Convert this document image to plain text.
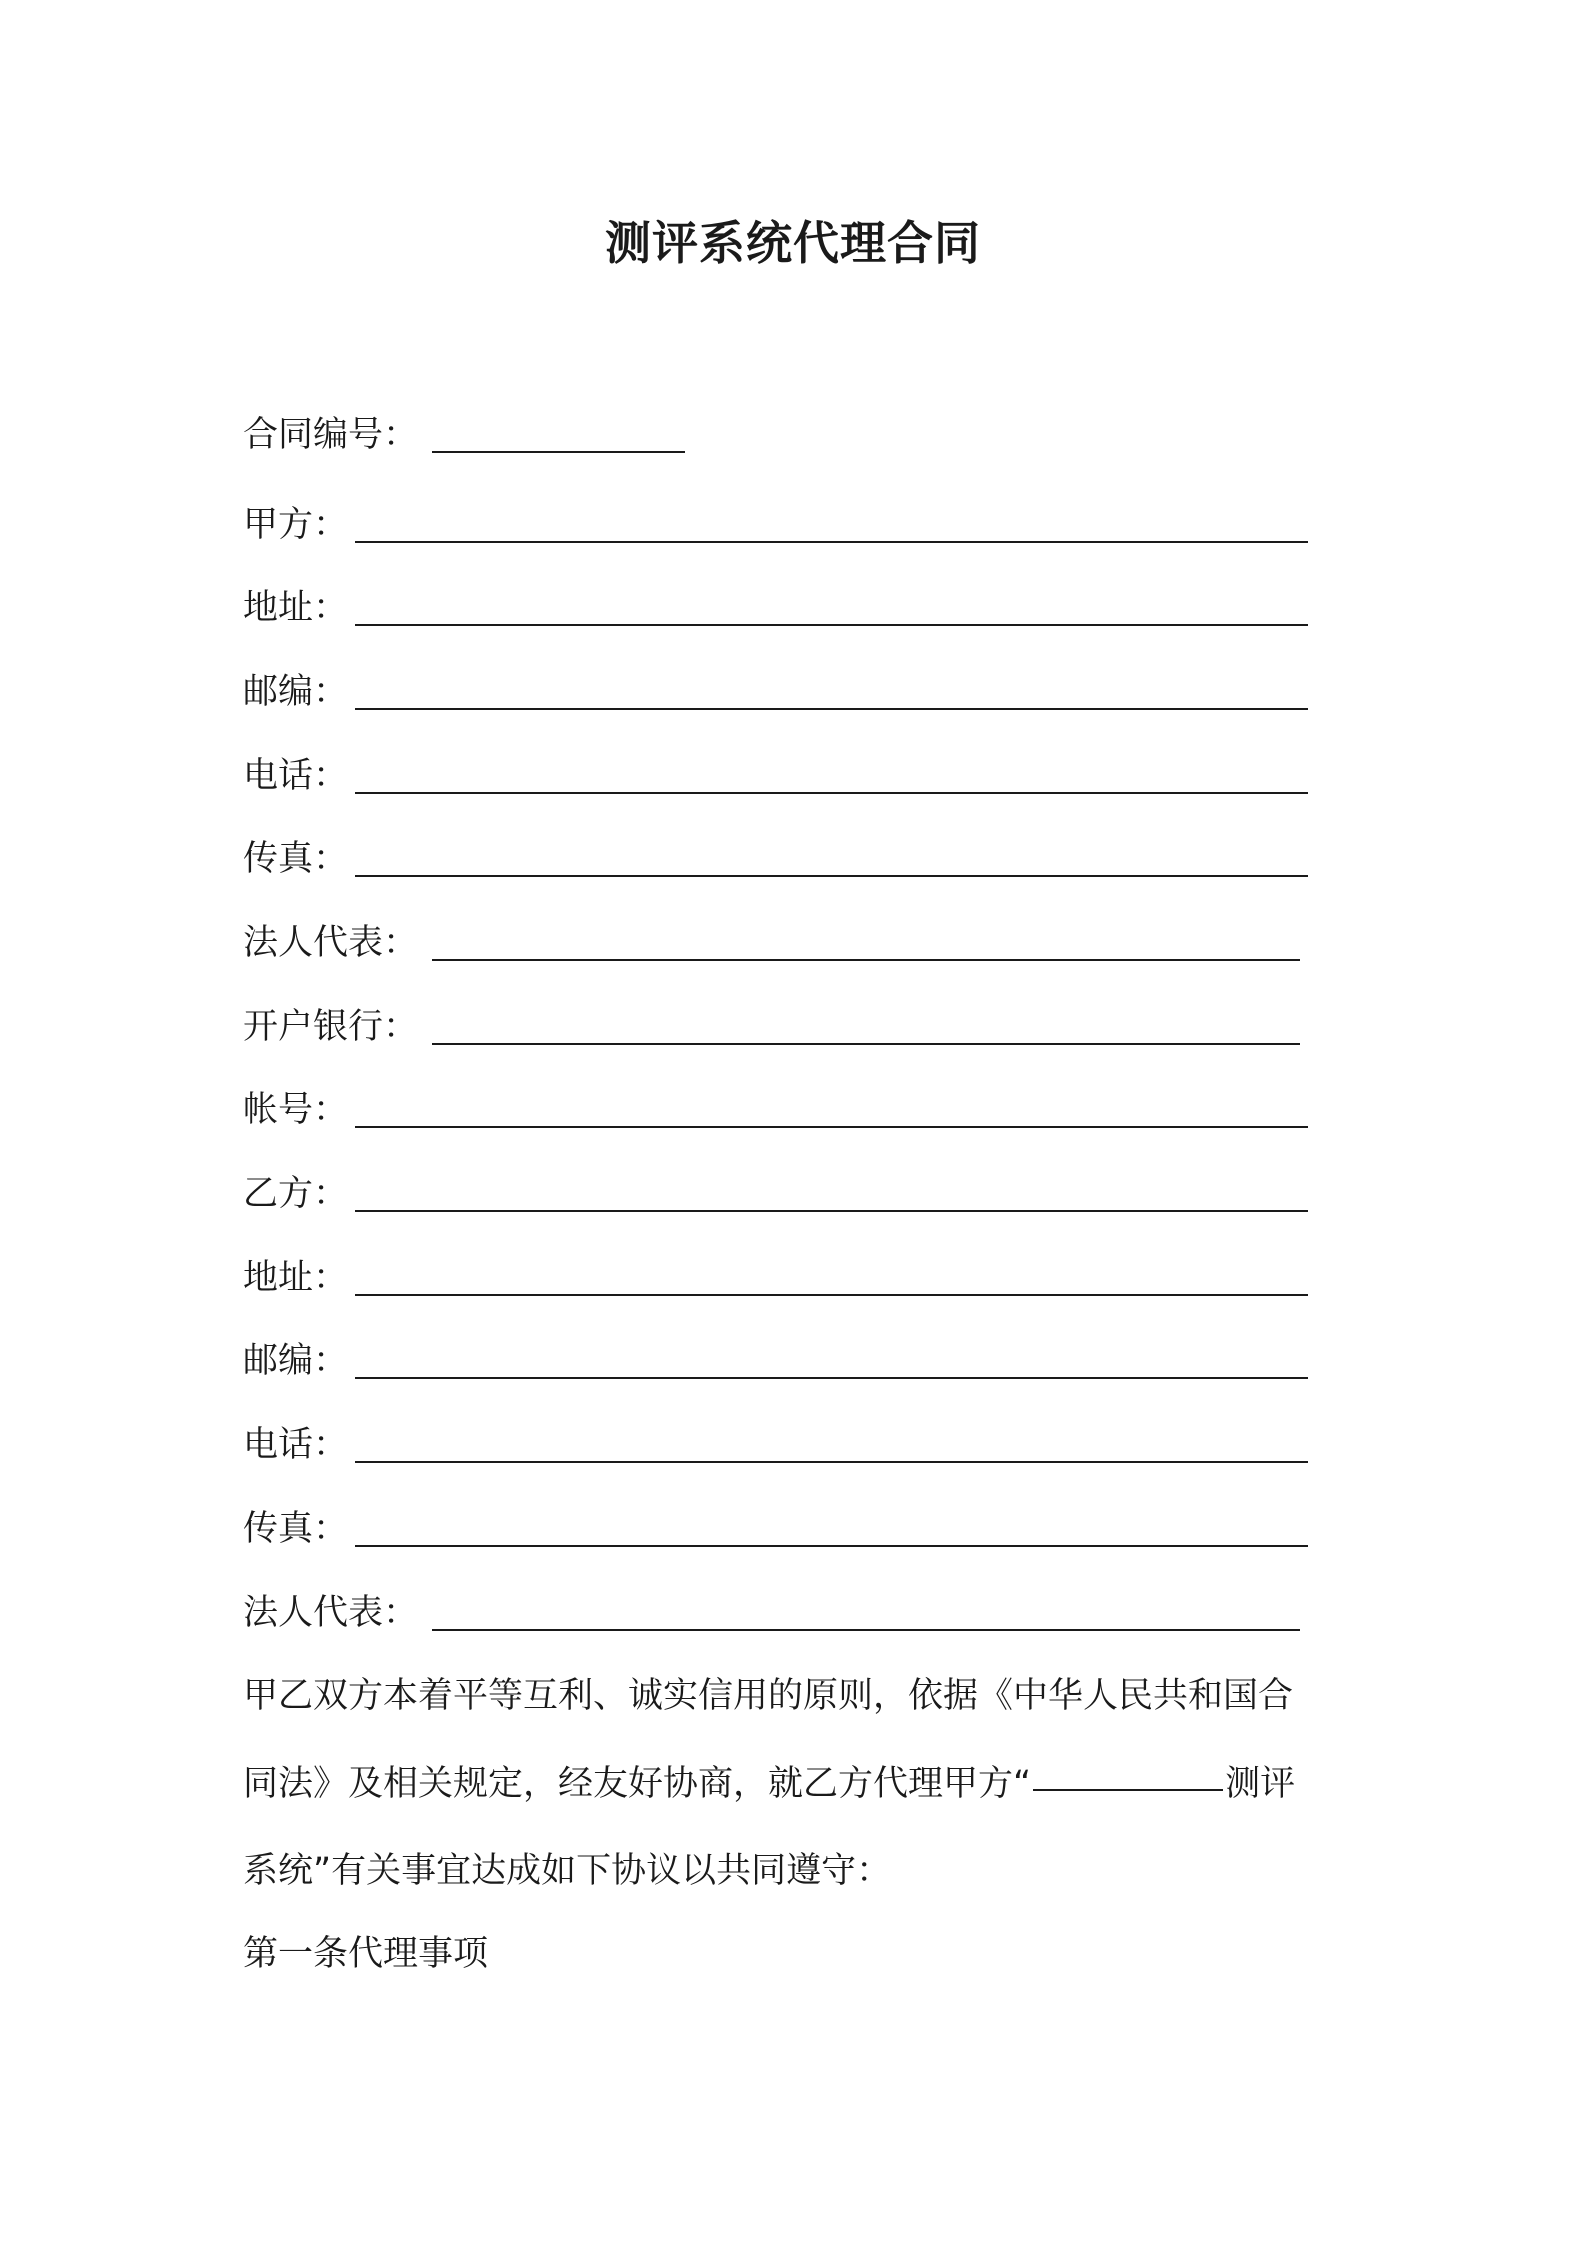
测评系统代理合同
合同编号：
甲方：
地址：
邮编：
电话：
传真：
法人代表：
开户银行：
帐号：
乙方：
地址：
邮编：
电话：
传真：
法人代表：
甲乙双方本着平等互利、诚实信用的原则，依据《中华人民共和国合
同法》及相关规定，经友好协商，就乙方代理甲方“	测评
系统”有关事宜达成如下协议以共同遵守：
第一条代理事项
